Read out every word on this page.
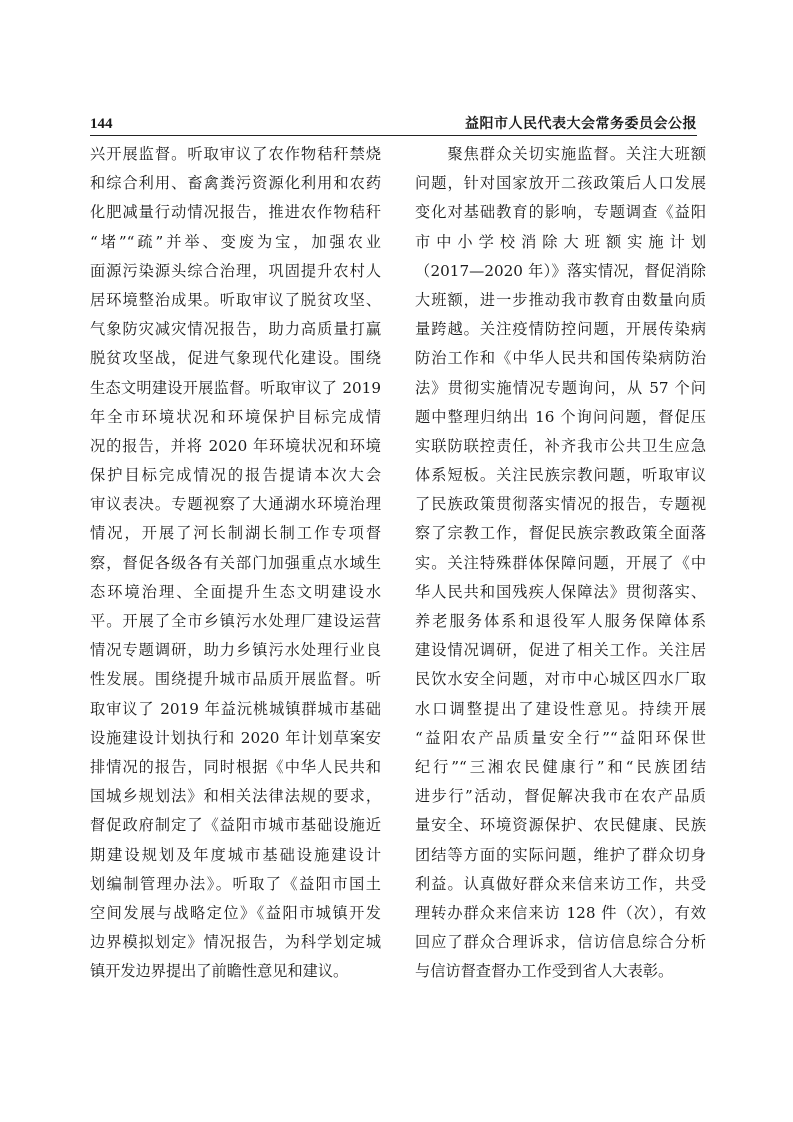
144	益阳市人民代表大会常务委员会公报
兴开展监督。听取审议了农作物秸秆禁烧
和综合利用、畜禽粪污资源化利用和农药
化肥减量行动情况报告，推进农作物秸秆
“堵”“疏”并举、变废为宝，加强农业
面源污染源头综合治理，巩固提升农村人
居环境整治成果。听取审议了脱贫攻坚、
气象防灾减灾情况报告，助力高质量打赢
脱贫攻坚战，促进气象现代化建设。围绕
生态文明建设开展监督。听取审议了 2019
年全市环境状况和环境保护目标完成情
况的报告，并将 2020 年环境状况和环境
保护目标完成情况的报告提请本次大会
审议表决。专题视察了大通湖水环境治理
情况，开展了河长制湖长制工作专项督
察，督促各级各有关部门加强重点水域生
态环境治理、全面提升生态文明建设水
平。开展了全市乡镇污水处理厂建设运营
情况专题调研，助力乡镇污水处理行业良
性发展。围绕提升城市品质开展监督。听
取审议了 2019 年益沅桃城镇群城市基础
设施建设计划执行和 2020 年计划草案安
排情况的报告，同时根据《中华人民共和
国城乡规划法》和相关法律法规的要求，
督促政府制定了《益阳市城市基础设施近
期建设规划及年度城市基础设施建设计
划编制管理办法》。听取了《益阳市国土
空间发展与战略定位》《益阳市城镇开发
边界模拟划定》情况报告，为科学划定城
镇开发边界提出了前瞻性意见和建议。
　　聚焦群众关切实施监督。关注大班额
问题，针对国家放开二孩政策后人口发展
变化对基础教育的影响，专题调查《益阳
市中小学校消除大班额实施计划
（2017—2020 年）》落实情况，督促消除
大班额，进一步推动我市教育由数量向质
量跨越。关注疫情防控问题，开展传染病
防治工作和《中华人民共和国传染病防治
法》贯彻实施情况专题询问，从 57 个问
题中整理归纳出 16 个询问问题，督促压
实联防联控责任，补齐我市公共卫生应急
体系短板。关注民族宗教问题，听取审议
了民族政策贯彻落实情况的报告，专题视
察了宗教工作，督促民族宗教政策全面落
实。关注特殊群体保障问题，开展了《中
华人民共和国残疾人保障法》贯彻落实、
养老服务体系和退役军人服务保障体系
建设情况调研，促进了相关工作。关注居
民饮水安全问题，对市中心城区四水厂取
水口调整提出了建设性意见。持续开展
“益阳农产品质量安全行”“益阳环保世
纪行”“三湘农民健康行”和“民族团结
进步行”活动，督促解决我市在农产品质
量安全、环境资源保护、农民健康、民族
团结等方面的实际问题，维护了群众切身
利益。认真做好群众来信来访工作，共受
理转办群众来信来访 128 件（次），有效
回应了群众合理诉求，信访信息综合分析
与信访督查督办工作受到省人大表彰。
